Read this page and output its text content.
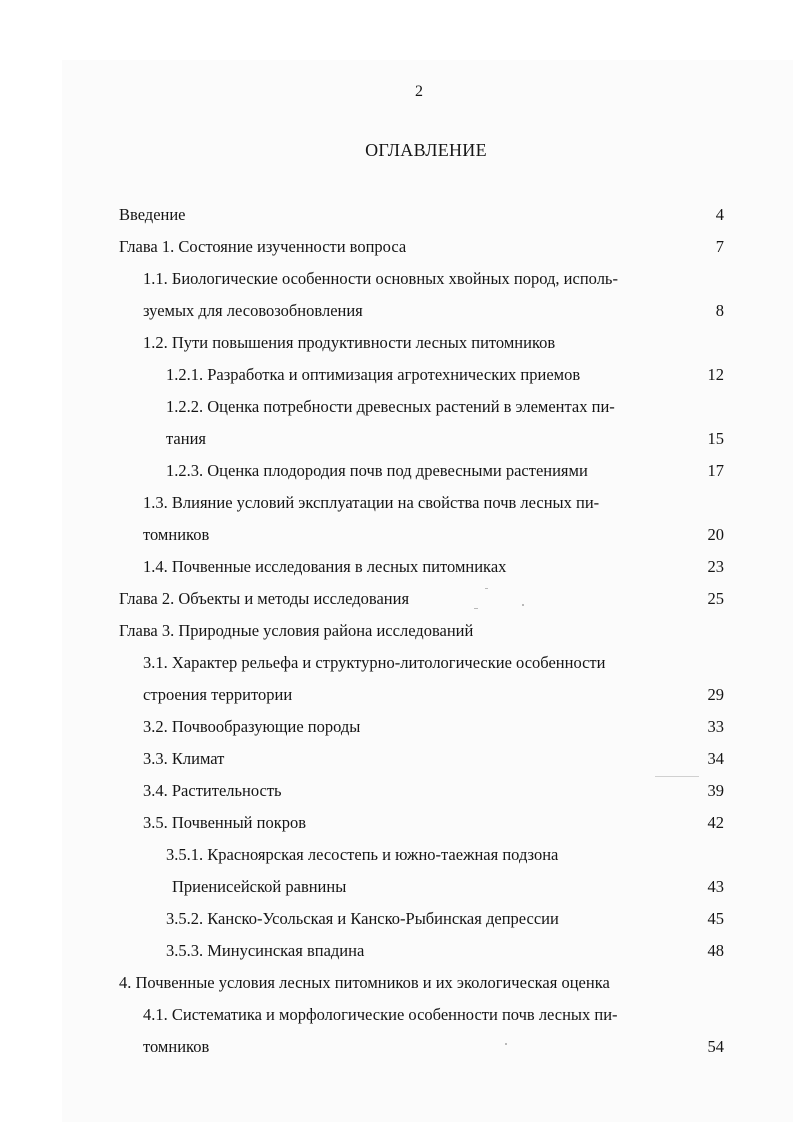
2
ОГЛАВЛЕНИЕ
Введение	4
Глава 1. Состояние изученности вопроса	7
1.1. Биологические особенности основных хвойных пород, исполь-
зуемых для лесовозобновления	8
1.2. Пути повышения продуктивности лесных питомников
1.2.1. Разработка и оптимизация агротехнических приемов	12
1.2.2. Оценка потребности древесных растений в элементах пи-
тания	15
1.2.3. Оценка плодородия почв под древесными растениями	17
1.3. Влияние условий эксплуатации на свойства почв лесных пи-
томников	20
1.4. Почвенные исследования в лесных питомниках	23
Глава 2. Объекты и методы исследования	25
Глава 3. Природные условия района исследований
3.1. Характер рельефа и структурно-литологические особенности
строения территории	29
3.2. Почвообразующие породы	33
3.3. Климат	34
3.4. Растительность	39
3.5. Почвенный покров	42
3.5.1. Красноярская лесостепь и южно-таежная подзона
Приенисейской равнины	43
3.5.2. Канско-Усольская и Канско-Рыбинская депрессии	45
3.5.3. Минусинская впадина	48
4. Почвенные условия лесных питомников и их экологическая оценка
4.1. Систематика и морфологические особенности почв лесных пи-
томников	54
